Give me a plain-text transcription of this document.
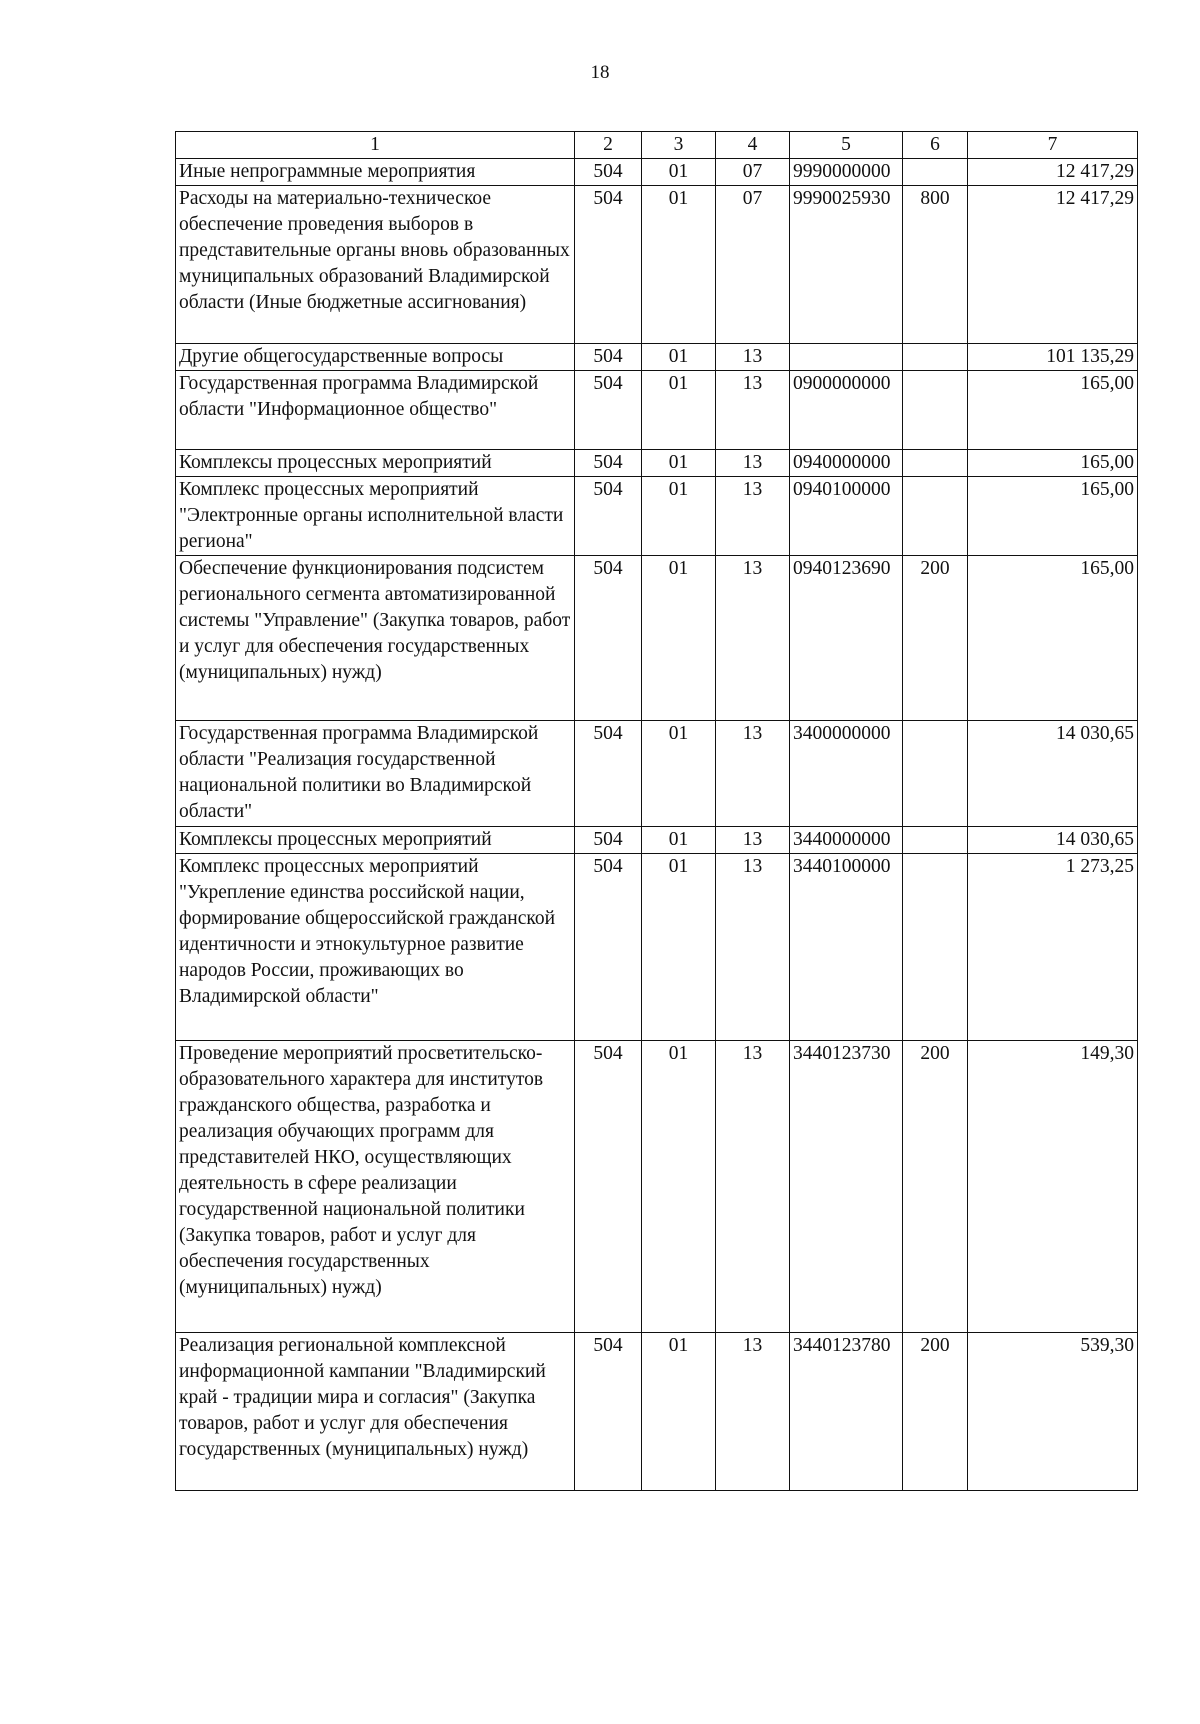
18
1	2	3	4	5	6	7
Иные непрограммные мероприятия	504	01	07	9990000000		12 417,29
Расходы на материально-техническое обеспечение проведения выборов в представительные органы вновь образованных муниципальных образований Владимирской области (Иные бюджетные ассигнования)	504	01	07	9990025930	800	12 417,29
Другие общегосударственные вопросы	504	01	13			101 135,29
Государственная программа Владимирской области "Информационное общество"	504	01	13	0900000000		165,00
Комплексы процессных мероприятий	504	01	13	0940000000		165,00
Комплекс процессных мероприятий "Электронные органы исполнительной власти региона"	504	01	13	0940100000		165,00
Обеспечение функционирования подсистем регионального сегмента автоматизированной системы "Управление" (Закупка товаров, работ и услуг для обеспечения государственных (муниципальных) нужд)	504	01	13	0940123690	200	165,00
Государственная программа Владимирской области "Реализация государственной национальной политики во Владимирской области"	504	01	13	3400000000		14 030,65
Комплексы процессных мероприятий	504	01	13	3440000000		14 030,65
Комплекс процессных мероприятий "Укрепление единства российской нации, формирование общероссийской гражданской идентичности и этнокультурное развитие народов России, проживающих во Владимирской области"	504	01	13	3440100000		1 273,25
Проведение мероприятий просветительско-образовательного характера для институтов гражданского общества, разработка и реализация обучающих программ для представителей НКО, осуществляющих деятельность в сфере реализации государственной национальной политики (Закупка товаров, работ и услуг для обеспечения государственных (муниципальных) нужд)	504	01	13	3440123730	200	149,30
Реализация региональной комплексной информационной кампании "Владимирский край - традиции мира и согласия" (Закупка товаров, работ и услуг для обеспечения государственных (муниципальных) нужд)	504	01	13	3440123780	200	539,30
